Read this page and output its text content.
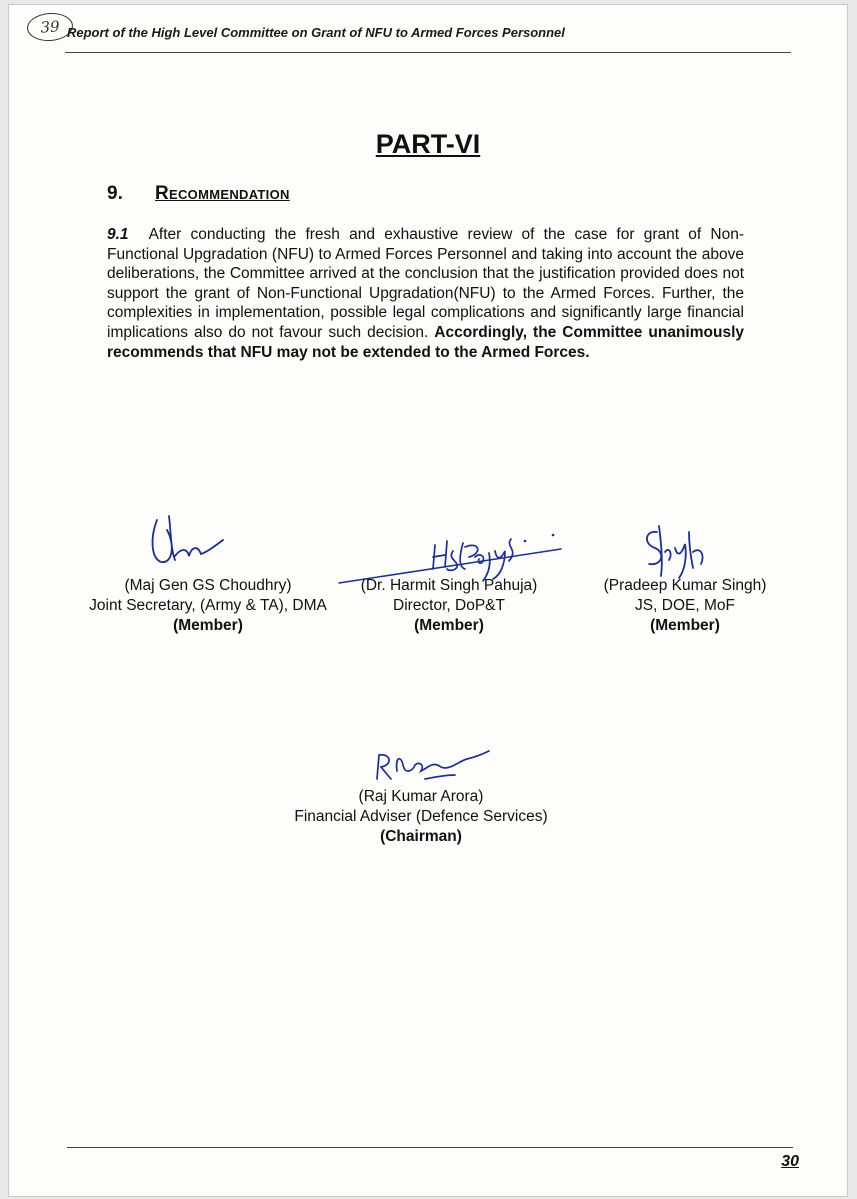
39 Report of the High Level Committee on Grant of NFU to Armed Forces Personnel
PART-VI
9. Recommendation

9.1 After conducting the fresh and exhaustive review of the case for grant of Non-Functional Upgradation (NFU) to Armed Forces Personnel and taking into account the above deliberations, the Committee arrived at the conclusion that the justification provided does not support the grant of Non-Functional Upgradation(NFU) to the Armed Forces. Further, the complexities in implementation, possible legal complications and significantly large financial implications also do not favour such decision. Accordingly, the Committee unanimously recommends that NFU may not be extended to the Armed Forces.

(Maj Gen GS Choudhry)
Joint Secretary, (Army & TA), DMA
(Member)
(Dr. Harmit Singh Pahuja)
Director, DoP&T
(Member)
(Pradeep Kumar Singh)
JS, DOE, MoF
(Member)
(Raj Kumar Arora)
Financial Adviser (Defence Services)
(Chairman)
30
